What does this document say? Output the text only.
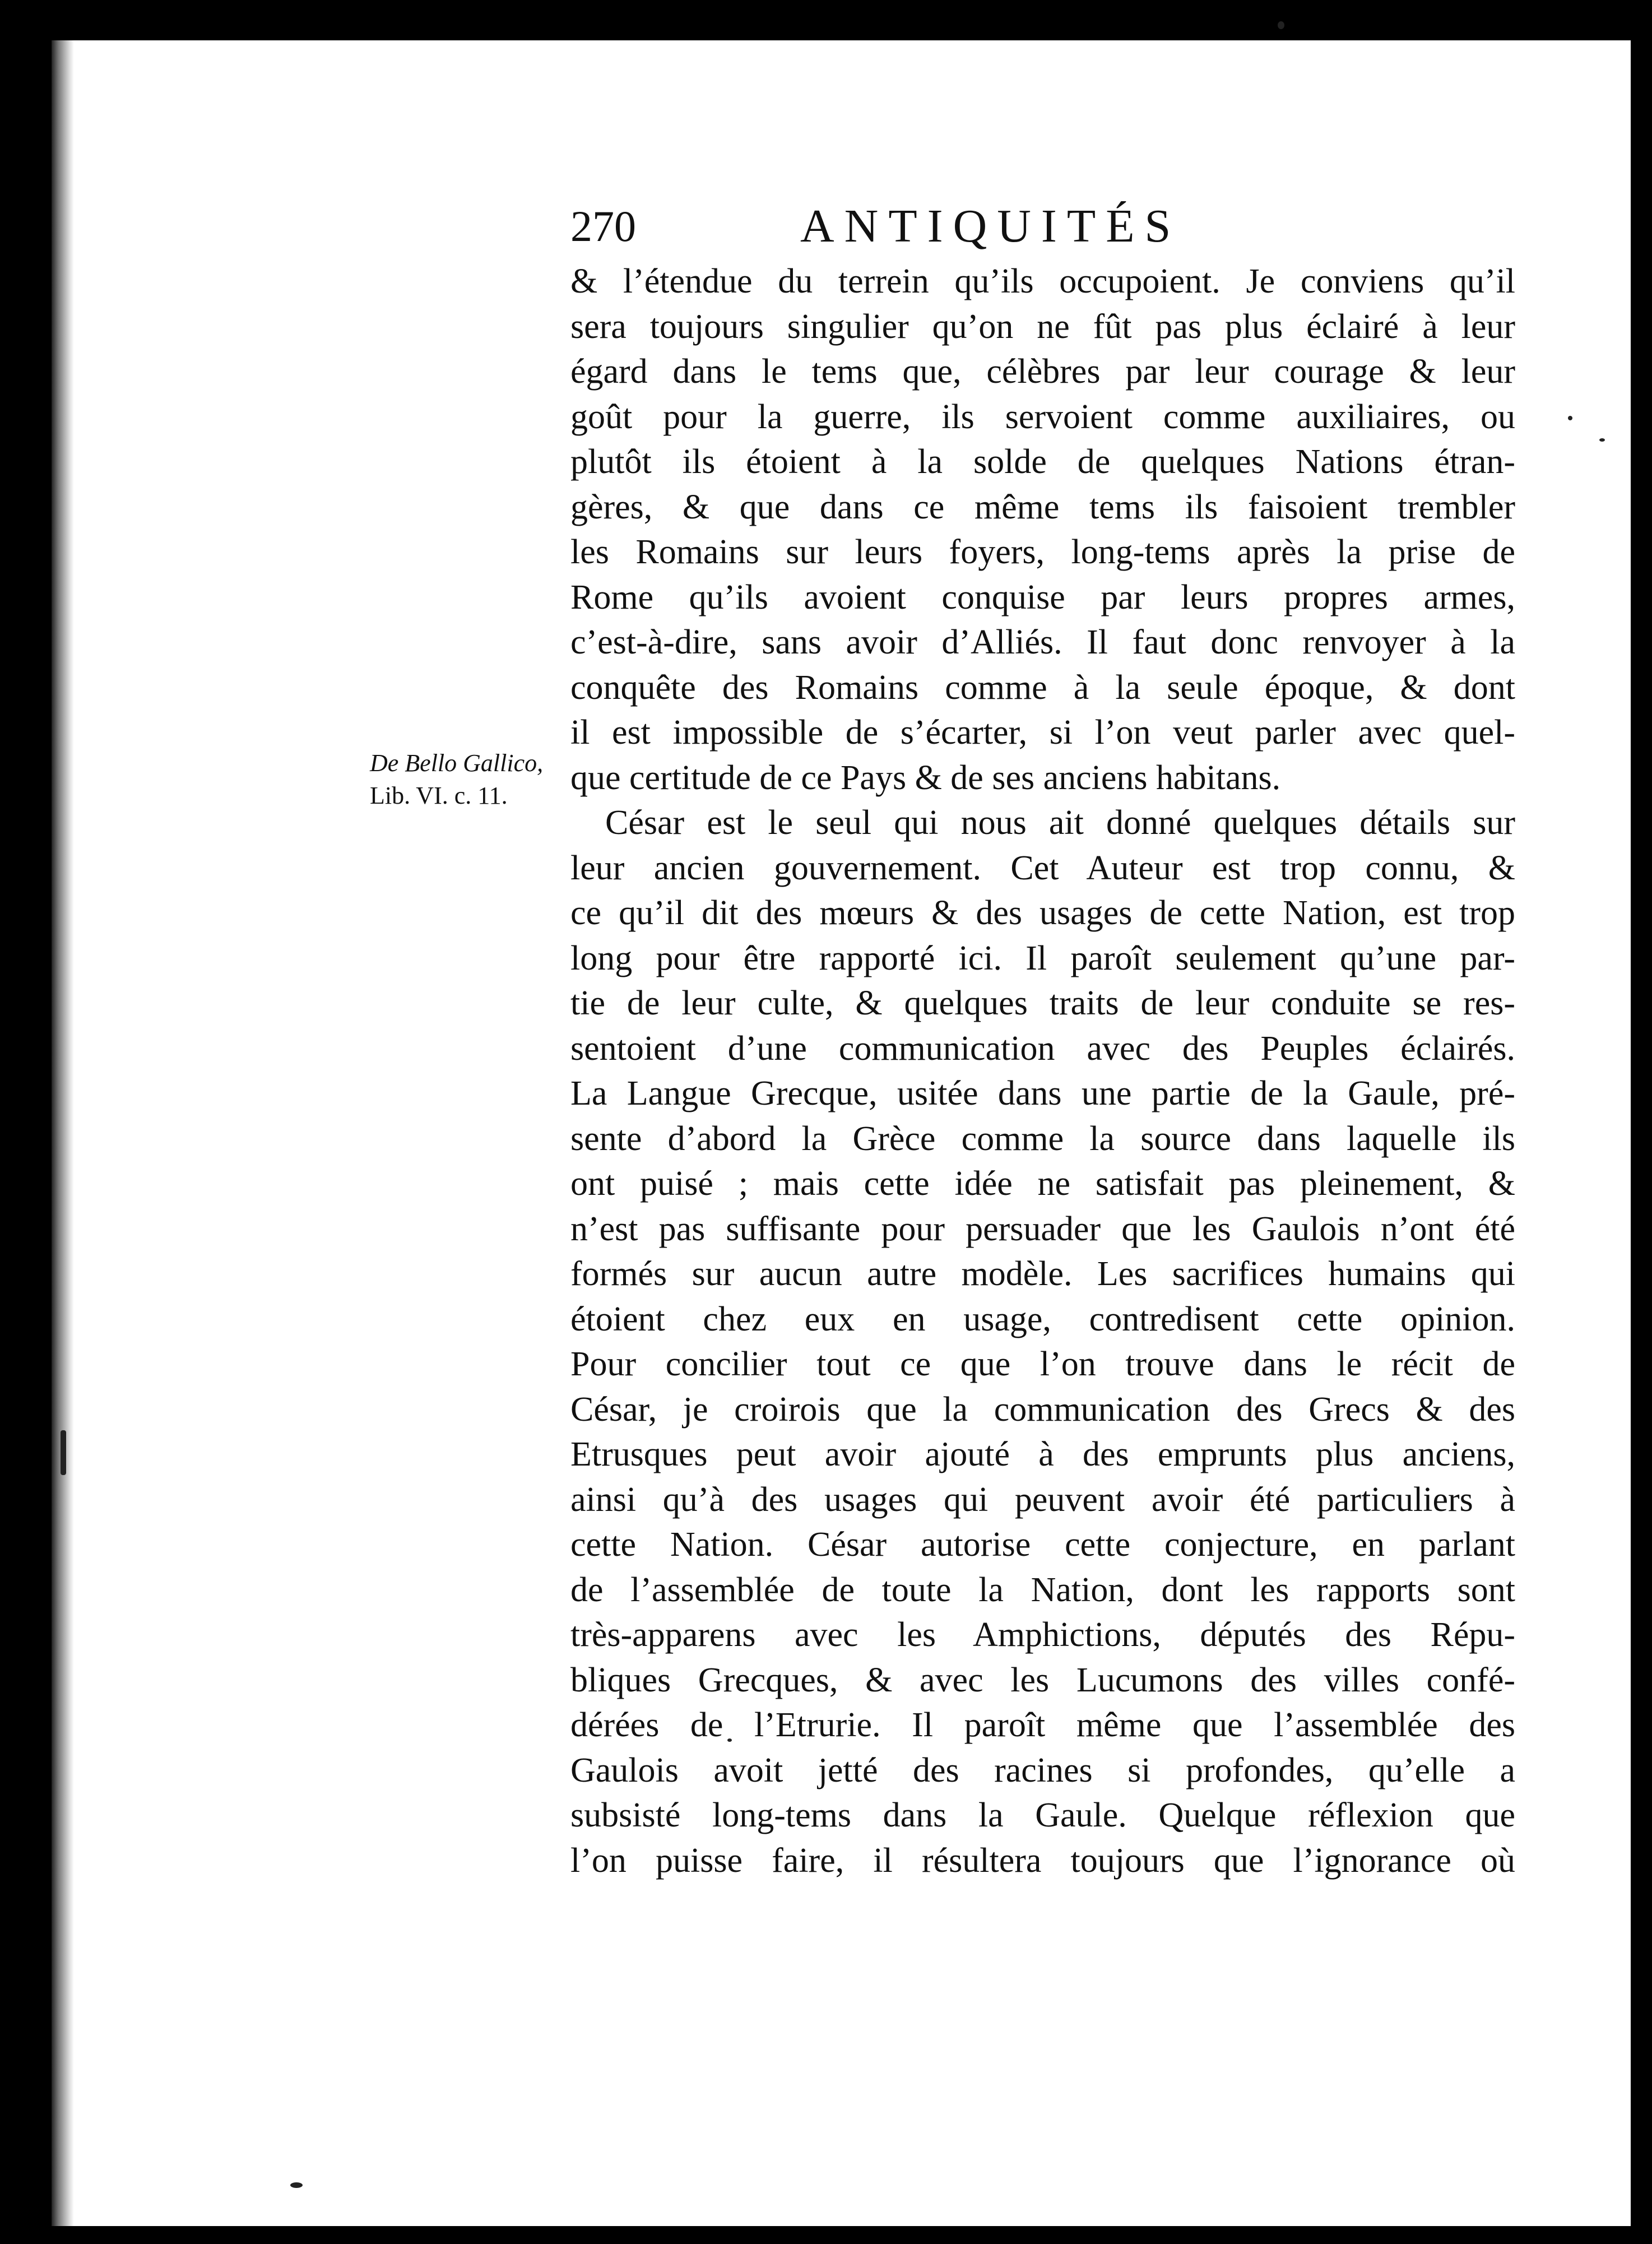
270	ANTIQUITÉS
De Bello Gallico,
Lib. VI. c. 11.
& l’étendue du terrein qu’ils occupoient. Je conviens qu’il
sera toujours singulier qu’on ne fût pas plus éclairé à leur
égard dans le tems que, célèbres par leur courage & leur
goût pour la guerre, ils servoient comme auxiliaires, ou
plutôt ils étoient à la solde de quelques Nations étran-
gères, & que dans ce même tems ils faisoient trembler
les Romains sur leurs foyers, long-tems après la prise de
Rome qu’ils avoient conquise par leurs propres armes,
c’est-à-dire, sans avoir d’Alliés. Il faut donc renvoyer à la
conquête des Romains comme à la seule époque, & dont
il est impossible de s’écarter, si l’on veut parler avec quel-
que certitude de ce Pays & de ses anciens habitans.
César est le seul qui nous ait donné quelques détails sur
leur ancien gouvernement. Cet Auteur est trop connu, &
ce qu’il dit des mœurs & des usages de cette Nation, est trop
long pour être rapporté ici. Il paroît seulement qu’une par-
tie de leur culte, & quelques traits de leur conduite se res-
sentoient d’une communication avec des Peuples éclairés.
La Langue Grecque, usitée dans une partie de la Gaule, pré-
sente d’abord la Grèce comme la source dans laquelle ils
ont puisé ; mais cette idée ne satisfait pas pleinement, &
n’est pas suffisante pour persuader que les Gaulois n’ont été
formés sur aucun autre modèle. Les sacrifices humains qui
étoient chez eux en usage, contredisent cette opinion.
Pour concilier tout ce que l’on trouve dans le récit de
César, je croirois que la communication des Grecs & des
Etrusques peut avoir ajouté à des emprunts plus anciens,
ainsi qu’à des usages qui peuvent avoir été particuliers à
cette Nation. César autorise cette conjecture, en parlant
de l’assemblée de toute la Nation, dont les rapports sont
très-apparens avec les Amphictions, députés des Répu-
bliques Grecques, & avec les Lucumons des villes confé-
dérées de l’Etrurie. Il paroît même que l’assemblée des
Gaulois avoit jetté des racines si profondes, qu’elle a
subsisté long-tems dans la Gaule. Quelque réflexion que
l’on puisse faire, il résultera toujours que l’ignorance où
